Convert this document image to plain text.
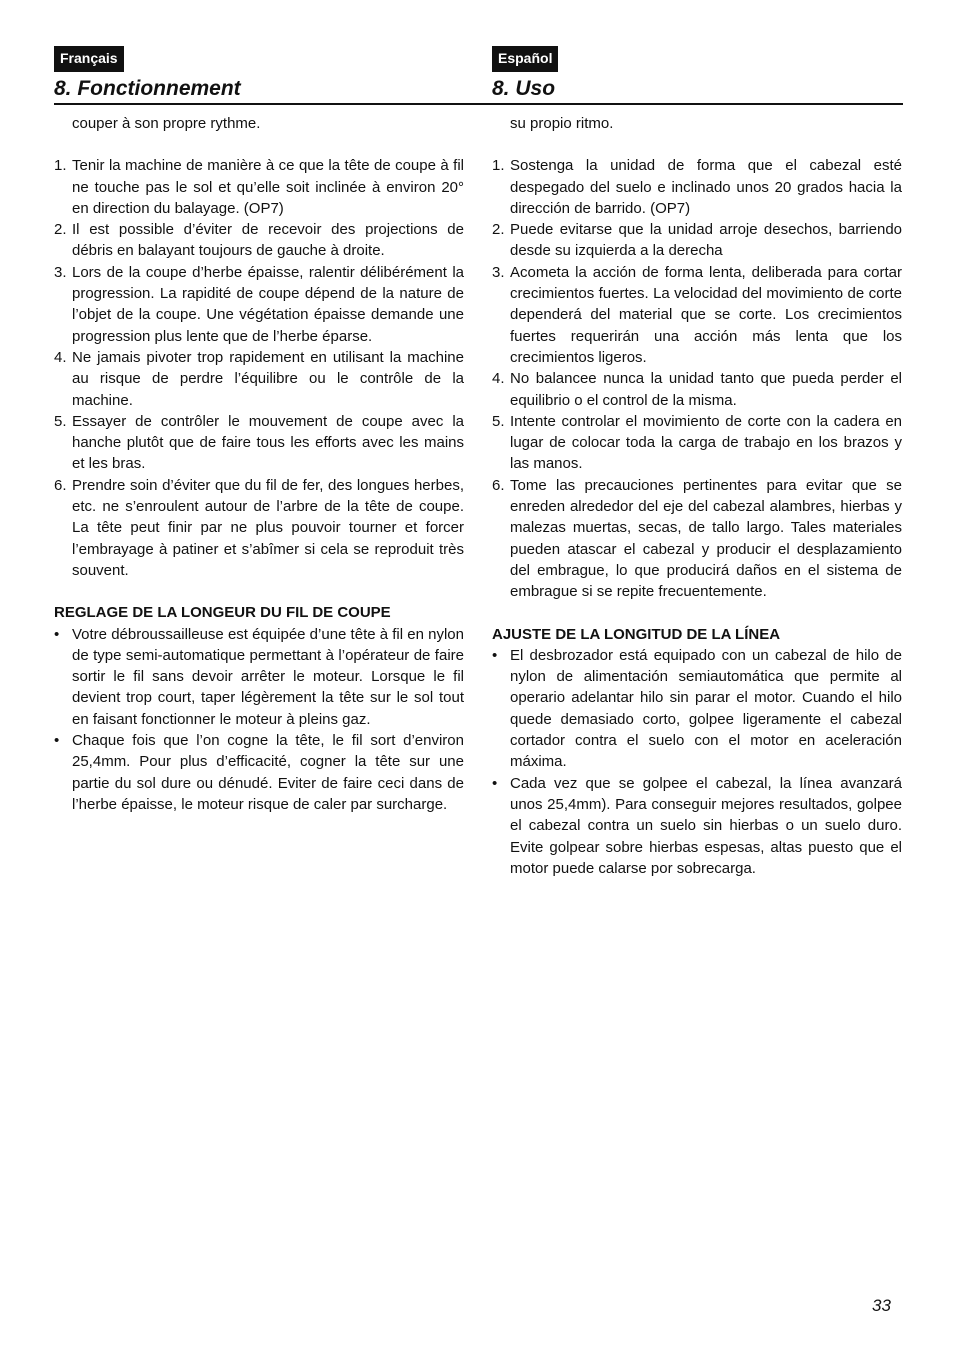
Français
8. Fonctionnement
Español
8. Uso

couper à son propre rythme.

1. Tenir la machine de manière à ce que la tête de coupe à fil ne touche pas le sol et qu’elle soit inclinée à environ 20° en direction du balayage. (OP7)
2. Il est possible d’éviter de recevoir des projections de débris en balayant toujours de gauche à droite.
3. Lors de la coupe d’herbe épaisse, ralentir délibérément la progression. La rapidité de coupe dépend de la nature de l’objet de la coupe. Une végétation épaisse demande une progression plus lente que de l’herbe éparse.
4. Ne jamais pivoter trop rapidement en utilisant la machine au risque de perdre l’équilibre ou le contrôle de la machine.
5. Essayer de contrôler le mouvement de coupe avec la hanche plutôt que de faire tous les efforts avec les mains et les bras.
6. Prendre soin d’éviter que du fil de fer, des longues herbes, etc. ne s’enroulent autour de l’arbre de la tête de coupe. La tête peut finir par ne plus pouvoir tourner et forcer l’embrayage à patiner et s’abîmer si cela se reproduit très souvent.

REGLAGE DE LA LONGEUR DU FIL DE COUPE

• Votre débroussailleuse est équipée d’une tête à fil en nylon de type semi-automatique permettant à l’opérateur de faire sortir le fil sans devoir arrêter le moteur. Lorsque le fil devient trop court, taper légèrement la tête sur le sol tout en faisant fonctionner le moteur à pleins gaz.
• Chaque fois que l’on cogne la tête, le fil sort d’environ 25,4mm. Pour plus d’efficacité, cogner la tête sur une partie du sol dure ou dénudé. Eviter de faire ceci dans de l’herbe épaisse, le moteur risque de caler par surcharge.

su propio ritmo.

1. Sostenga la unidad de forma que el cabezal esté despegado del suelo e inclinado unos 20 grados hacia la dirección de barrido. (OP7)
2. Puede evitarse que la unidad arroje desechos, barriendo desde su izquierda a la derecha
3. Acometa la acción de forma lenta, deliberada para cortar crecimientos fuertes. La velocidad del movimiento de corte dependerá del material que se corte. Los crecimientos fuertes requerirán una acción más lenta que los crecimientos ligeros.
4. No balancee nunca la unidad tanto que pueda perder el equilibrio o el control de la misma.
5. Intente controlar el movimiento de corte con la cadera en lugar de colocar toda la carga de trabajo en los brazos y las manos.
6. Tome las precauciones pertinentes para evitar que se enreden alrededor del eje del cabezal alambres, hierbas y malezas muertas, secas, de tallo largo. Tales materiales pueden atascar el cabezal y producir el desplazamiento del embrague, lo que producirá daños en el sistema de embrague si se repite frecuentemente.

AJUSTE DE LA LONGITUD DE LA LÍNEA

• El desbrozador está equipado con un cabezal de hilo de nylon de alimentación semiautomática que permite al operario adelantar hilo sin parar el motor. Cuando el hilo quede demasiado corto, golpee ligeramente el cabezal cortador contra el suelo con el motor en aceleración máxima.
• Cada vez que se golpee el cabezal, la línea avanzará unos 25,4mm). Para conseguir mejores resultados, golpee el cabezal contra un suelo sin hierbas o un suelo duro. Evite golpear sobre hierbas espesas, altas puesto que el motor puede calarse por sobrecarga.
33
